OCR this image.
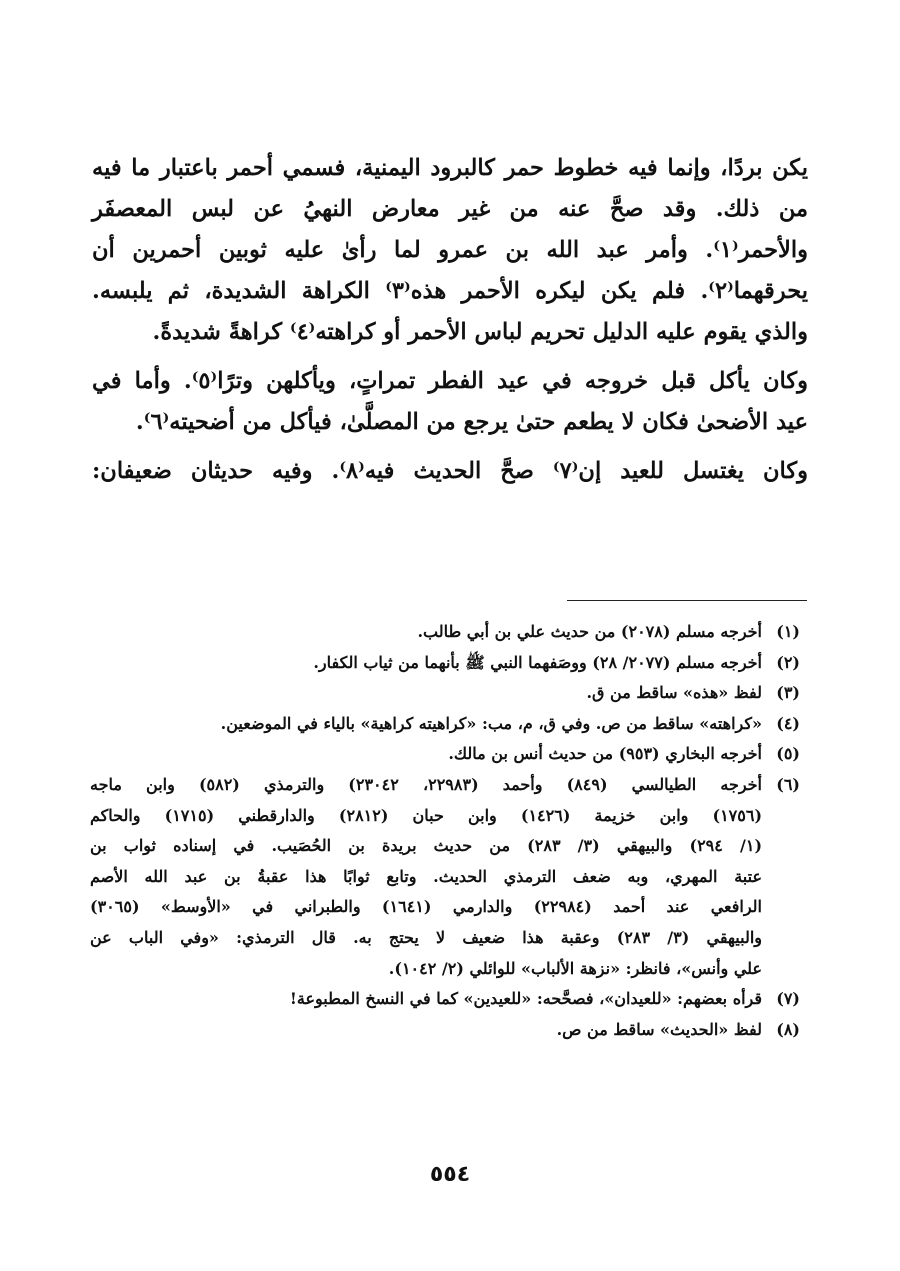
يكن بردًا، وإنما فيه خطوط حمر كالبرود اليمنية، فسمي أحمر باعتبار ما فيه
من ذلك. وقد صحَّ عنه من غير معارض النهيُ عن لبس المعصفَر
والأحمر⁽١⁾. وأمر عبد الله بن عمرو لما رأىٰ عليه ثوبين أحمرين أن
يحرقهما⁽٢⁾. فلم يكن ليكره الأحمر هذه⁽٣⁾ الكراهة الشديدة، ثم يلبسه.
والذي يقوم عليه الدليل تحريم لباس الأحمر أو كراهته⁽٤⁾ كراهةً شديدةً.

وكان يأكل قبل خروجه في عيد الفطر تمراتٍ، ويأكلهن وترًا⁽٥⁾. وأما في
عيد الأضحىٰ فكان لا يطعم حتىٰ يرجع من المصلَّىٰ، فيأكل من أضحيته⁽٦⁾.

وكان يغتسل للعيد إن⁽٧⁾ صحَّ الحديث فيه⁽٨⁾. وفيه حديثان ضعيفان:

(١)
أخرجه مسلم (٢٠٧٨) من حديث علي بن أبي طالب.
(٢)
أخرجه مسلم (٢٠٧٧/ ٢٨) ووصَفهما النبي ﷺ بأنهما من ثياب الكفار.
(٣)
لفظ «هذه» ساقط من ق.
(٤)
«كراهته» ساقط من ص. وفي ق، م، مب: «كراهيته كراهية» بالياء في الموضعين.
(٥)
أخرجه البخاري (٩٥٣) من حديث أنس بن مالك.
(٦)
أخرجه الطيالسي (٨٤٩) وأحمد (٢٢٩٨٣، ٢٣٠٤٢) والترمذي (٥٨٢) وابن ماجه
(١٧٥٦) وابن خزيمة (١٤٢٦) وابن حبان (٢٨١٢) والدارقطني (١٧١٥) والحاكم
(١/ ٢٩٤) والبيهقي (٣/ ٢٨٣) من حديث بريدة بن الحُصَيب. في إسناده ثواب بن
عتبة المهري، وبه ضعف الترمذي الحديث. وتابع ثوابًا هذا عقبةُ بن عبد الله الأصم
الرافعي عند أحمد (٢٢٩٨٤) والدارمي (١٦٤١) والطبراني في «الأوسط» (٣٠٦٥)
والبيهقي (٣/ ٢٨٣) وعقبة هذا ضعيف لا يحتج به. قال الترمذي: «وفي الباب عن
علي وأنس»، فانظر: «نزهة الألباب» للوائلي (٢/ ١٠٤٢).
(٧)
قرأه بعضهم: «للعيدان»، فصحَّحه: «للعيدين» كما في النسخ المطبوعة!
(٨)
لفظ «الحديث» ساقط من ص.
٥٥٤
